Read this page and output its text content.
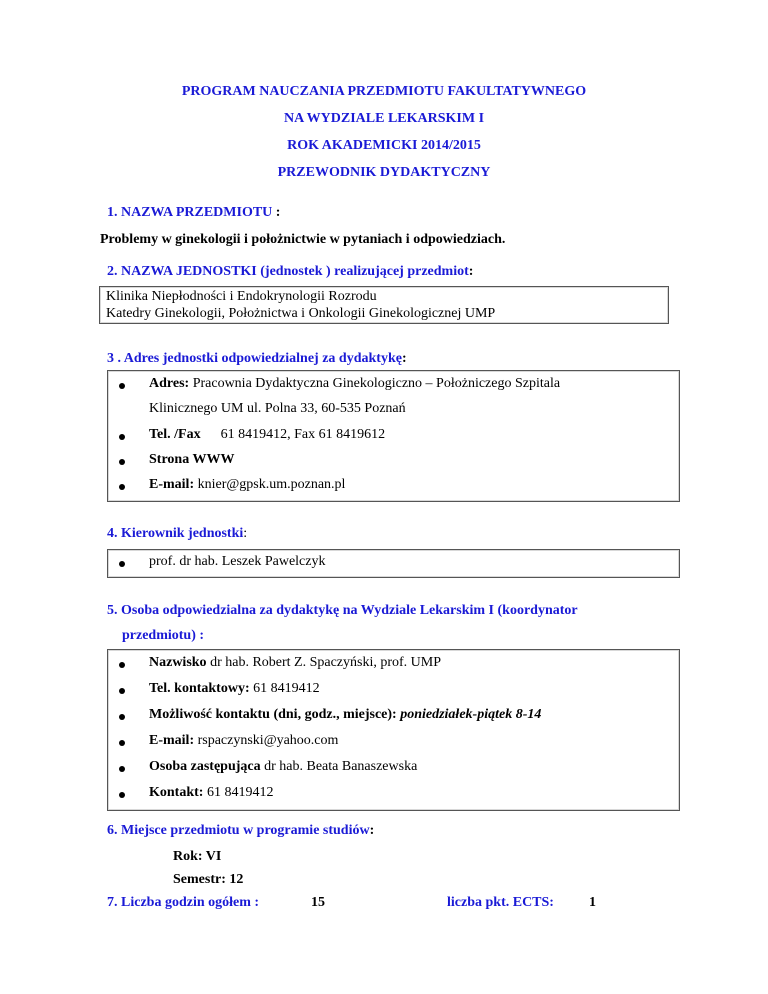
PROGRAM NAUCZANIA PRZEDMIOTU FAKULTATYWNEGO
NA WYDZIALE LEKARSKIM I
ROK AKADEMICKI 2014/2015
PRZEWODNIK DYDAKTYCZNY
1. NAZWA PRZEDMIOTU :
Problemy w ginekologii i położnictwie w pytaniach i odpowiedziach.
2. NAZWA JEDNOSTKI (jednostek ) realizującej przedmiot:
Klinika Niepłodności i Endokrynologii Rozrodu
Katedry Ginekologii, Położnictwa i Onkologii Ginekologicznej UMP
3 . Adres jednostki odpowiedzialnej za dydaktykę:
Adres: Pracownia Dydaktyczna Ginekologiczno – Położniczego Szpitala
Klinicznego UM ul. Polna 33, 60-535 Poznań
Tel. /Fax 61 8419412, Fax 61 8419612
Strona WWW
E-mail: knier@gpsk.um.poznan.pl
4. Kierownik jednostki:
prof. dr hab. Leszek Pawelczyk
5. Osoba odpowiedzialna za dydaktykę na Wydziale Lekarskim I (koordynator
przedmiotu) :
Nazwisko dr hab. Robert Z. Spaczyński, prof. UMP
Tel. kontaktowy: 61 8419412
Możliwość kontaktu (dni, godz., miejsce): poniedziałek-piątek 8-14
E-mail: rspaczynski@yahoo.com
Osoba zastępująca dr hab. Beata Banaszewska
Kontakt: 61 8419412
6. Miejsce przedmiotu w programie studiów:
Rok: VI
Semestr: 12
7. Liczba godzin ogółem :	15	liczba pkt. ECTS:	1
